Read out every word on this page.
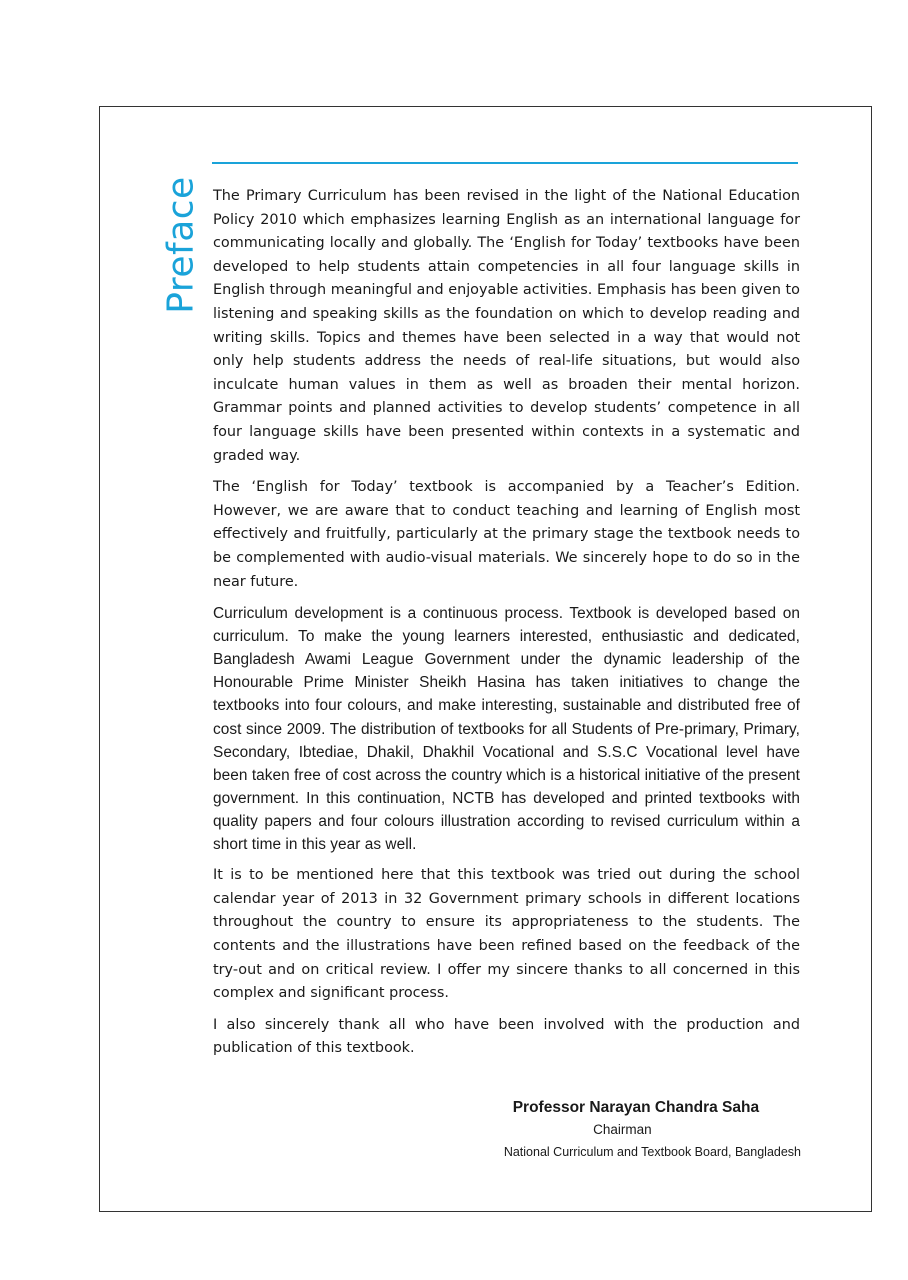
Preface The Primary Curriculum has been revised in the light of the National Education Policy 2010 which emphasizes learning English as an international language for communicating locally and globally. The ‘English for Today’ textbooks have been developed to help students attain competencies in all four language skills in English through meaningful and enjoyable activities. Emphasis has been given to listening and speaking skills as the foundation on which to develop reading and writing skills. Topics and themes have been selected in a way that would not only help students address the needs of real-life situations, but would also inculcate human values in them as well as broaden their mental horizon. Grammar points and planned activities to develop students’ competence in all four language skills have been presented within contexts in a systematic and graded way.

The ‘English for Today’ textbook is accompanied by a Teacher’s Edition. However, we are aware that to conduct teaching and learning of English most effectively and fruitfully, particularly at the primary stage the textbook needs to be complemented with audio-visual materials. We sincerely hope to do so in the near future.

Curriculum development is a continuous process. Textbook is developed based on curriculum. To make the young learners interested, enthusiastic and dedicated, Bangladesh Awami League Government under the dynamic leadership of the Honourable Prime Minister Sheikh Hasina has taken initiatives to change the textbooks into four colours, and make interesting, sustainable and distributed free of cost since 2009. The distribution of textbooks for all Students of Pre-primary, Primary, Secondary, Ibtediae, Dhakil, Dhakhil Vocational and S.S.C Vocational level have been taken free of cost across the country which is a historical initiative of the present government. In this continuation, NCTB has developed and printed textbooks with quality papers and four colours illustration according to revised curriculum within a short time in this year as well.

It is to be mentioned here that this textbook was tried out during the school calendar year of 2013 in 32 Government primary schools in different locations throughout the country to ensure its appropriateness to the students. The contents and the illustrations have been refined based on the feedback of the try-out and on critical review. I offer my sincere thanks to all concerned in this complex and significant process.

I also sincerely thank all who have been involved with the production and publication of this textbook.

Professor Narayan Chandra Saha
Chairman
National Curriculum and Textbook Board, Bangladesh
